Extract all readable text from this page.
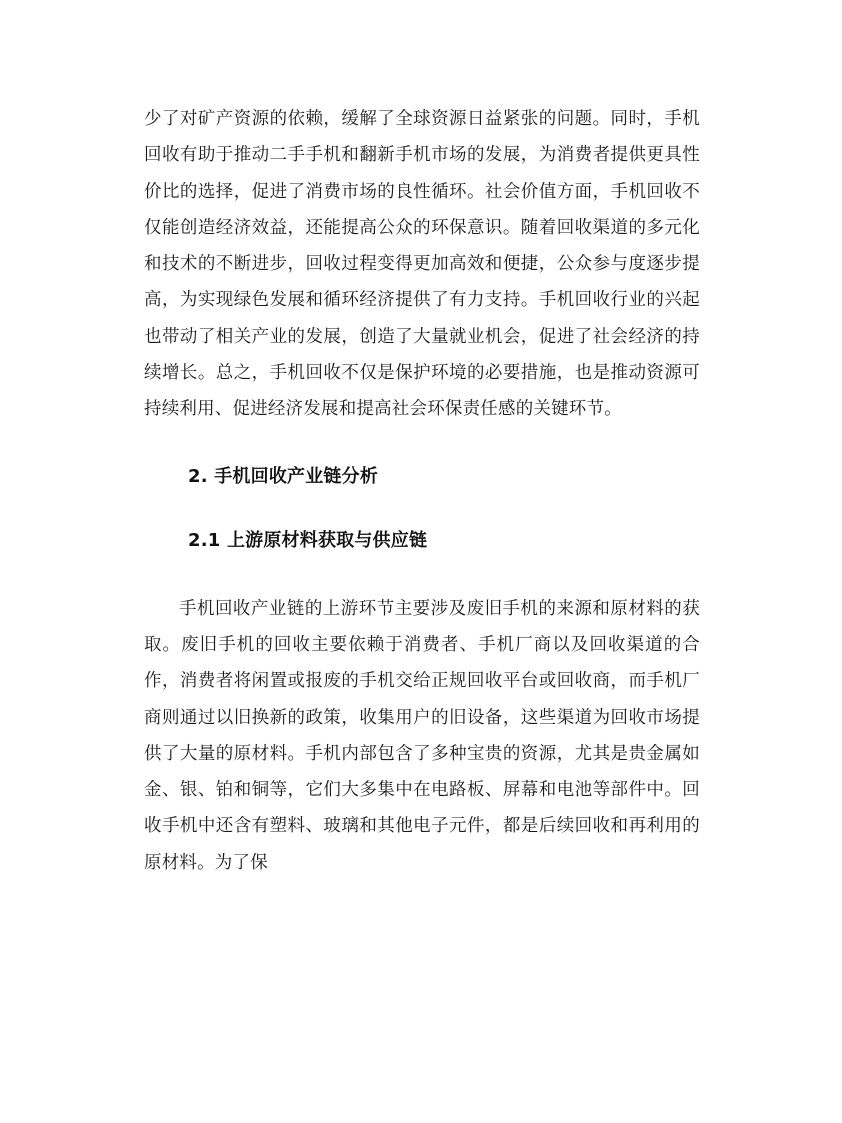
少了对矿产资源的依赖，缓解了全球资源日益紧张的问题。同时，手机回收有助于推动二手手机和翻新手机市场的发展，为消费者提供更具性价比的选择，促进了消费市场的良性循环。社会价值方面，手机回收不仅能创造经济效益，还能提高公众的环保意识。随着回收渠道的多元化和技术的不断进步，回收过程变得更加高效和便捷，公众参与度逐步提高，为实现绿色发展和循环经济提供了有力支持。手机回收行业的兴起也带动了相关产业的发展，创造了大量就业机会，促进了社会经济的持续增长。总之，手机回收不仅是保护环境的必要措施，也是推动资源可持续利用、促进经济发展和提高社会环保责任感的关键环节。

2. 手机回收产业链分析
2.1 上游原材料获取与供应链

手机回收产业链的上游环节主要涉及废旧手机的来源和原材料的获取。废旧手机的回收主要依赖于消费者、手机厂商以及回收渠道的合作，消费者将闲置或报废的手机交给正规回收平台或回收商，而手机厂商则通过以旧换新的政策，收集用户的旧设备，这些渠道为回收市场提供了大量的原材料。手机内部包含了多种宝贵的资源，尤其是贵金属如金、银、铂和铜等，它们大多集中在电路板、屏幕和电池等部件中。回收手机中还含有塑料、玻璃和其他电子元件，都是后续回收和再利用的原材料。为了保
